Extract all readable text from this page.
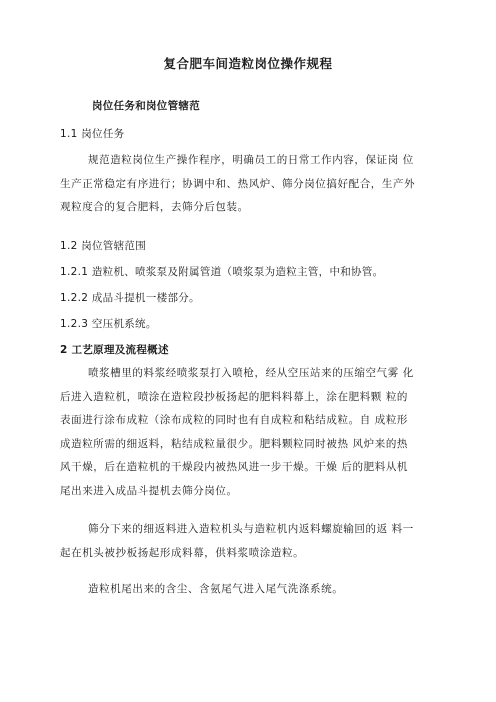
复合肥车间造粒岗位操作规程
岗位任务和岗位管辖范
1.1 岗位任务
规范造粒岗位生产操作程序，明确员工的日常工作内容，保证岗 位
生产正常稳定有序进行；协调中和、热风炉、筛分岗位搞好配合，生产外
观粒度合的复合肥料，去筛分后包装。
1.2 岗位管辖范围
1.2.1 造粒机、喷浆泵及附属管道（喷浆泵为造粒主管，中和协管。
1.2.2 成品斗提机一楼部分。
1.2.3 空压机系统。
2 工艺原理及流程概述
喷浆槽里的料浆经喷浆泵打入喷枪，经从空压站来的压缩空气雾 化
后进入造粒机，喷涂在造粒段抄板扬起的肥料料幕上，涂在肥料颗 粒的
表面进行涂布成粒（涂布成粒的同时也有自成粒和粘结成粒。自 成粒形
成造粒所需的细返料，粘结成粒量很少。肥料颗粒同时被热 风炉来的热
风干燥，后在造粒机的干燥段内被热风进一步干燥。干燥 后的肥料从机
尾出来进入成品斗提机去筛分岗位。
筛分下来的细返料进入造粒机头与造粒机内返料螺旋输回的返 料一
起在机头被抄板扬起形成料幕，供料浆喷涂造粒。
造粒机尾出来的含尘、含氨尾气进入尾气洗涤系统。
